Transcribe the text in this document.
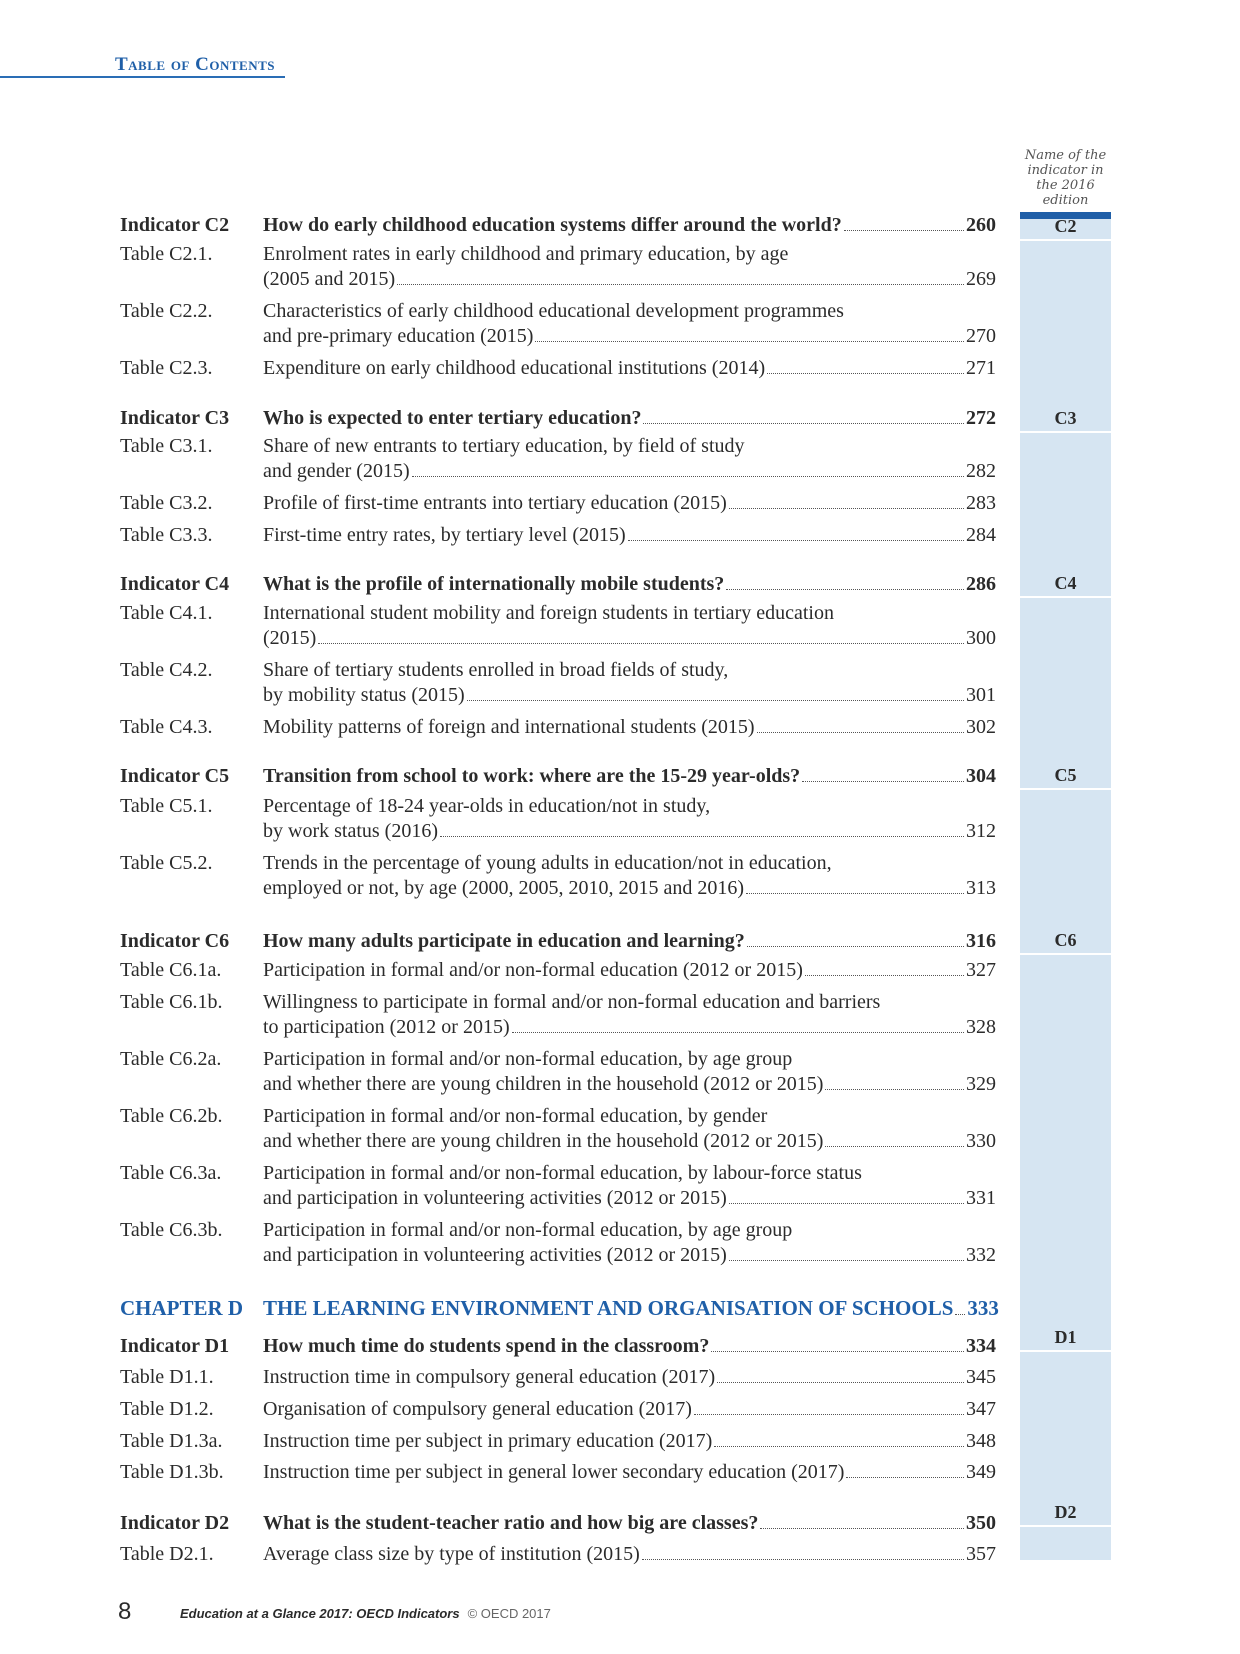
Table of Contents
Name of the indicator in the 2016 edition
C2
C3
C4
C5
C6
D1
D2
Indicator C2	How do early childhood education systems differ around the world?	260
Table C2.1.	Enrolment rates in early childhood and primary education, by age
(2005 and 2015)	269
Table C2.2.	Characteristics of early childhood educational development programmes
and pre-primary education (2015)	270
Table C2.3.	Expenditure on early childhood educational institutions (2014)	271
Indicator C3	Who is expected to enter tertiary education?	272
Table C3.1.	Share of new entrants to tertiary education, by field of study
and gender (2015)	282
Table C3.2.	Profile of first-time entrants into tertiary education (2015)	283
Table C3.3.	First-time entry rates, by tertiary level (2015)	284
Indicator C4	What is the profile of internationally mobile students?	286
Table C4.1.	International student mobility and foreign students in tertiary education
(2015)	300
Table C4.2.	Share of tertiary students enrolled in broad fields of study,
by mobility status (2015)	301
Table C4.3.	Mobility patterns of foreign and international students (2015)	302
Indicator C5	Transition from school to work: where are the 15-29 year-olds?	304
Table C5.1.	Percentage of 18-24 year-olds in education/not in study,
by work status (2016)	312
Table C5.2.	Trends in the percentage of young adults in education/not in education,
employed or not, by age (2000, 2005, 2010, 2015 and 2016)	313
Indicator C6	How many adults participate in education and learning?	316
Table C6.1a.	Participation in formal and/or non-formal education (2012 or 2015)	327
Table C6.1b.	Willingness to participate in formal and/or non-formal education and barriers
to participation (2012 or 2015)	328
Table C6.2a.	Participation in formal and/or non-formal education, by age group
and whether there are young children in the household (2012 or 2015)	329
Table C6.2b.	Participation in formal and/or non-formal education, by gender
and whether there are young children in the household (2012 or 2015)	330
Table C6.3a.	Participation in formal and/or non-formal education, by labour-force status
and participation in volunteering activities (2012 or 2015)	331
Table C6.3b.	Participation in formal and/or non-formal education, by age group
and participation in volunteering activities (2012 or 2015)	332
CHAPTER D THE LEARNING ENVIRONMENT AND ORGANISATION OF SCHOOLS 333
Indicator D1	How much time do students spend in the classroom?	334
Table D1.1.	Instruction time in compulsory general education (2017)	345
Table D1.2.	Organisation of compulsory general education (2017)	347
Table D1.3a.	Instruction time per subject in primary education (2017)	348
Table D1.3b.	Instruction time per subject in general lower secondary education (2017)	349
Indicator D2	What is the student-teacher ratio and how big are classes?	350
Table D2.1.	Average class size by type of institution (2015)	357
8	Education at a Glance 2017: OECD Indicators © OECD 2017
